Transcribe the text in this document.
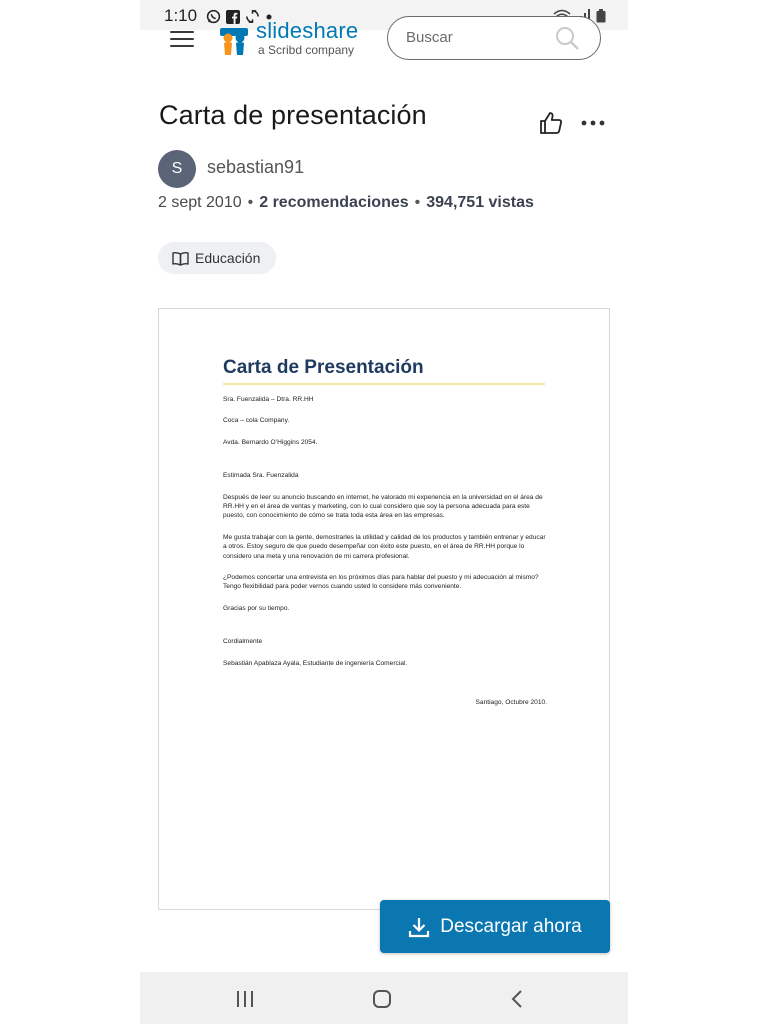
1:10
slideshare
a Scribd company
Buscar
Carta de presentación
S	sebastian91
2 sept 2010 • 2 recomendaciones • 394,751 vistas
Educación
Carta de Presentación

Sra. Fuenzalida – Dtra. RR.HH

Coca – cola Company.

Avda. Bernardo O’Higgins 2054.

Estimada Sra. Fuenzalida

Después de leer su anuncio buscando en internet, he valorado mi experiencia en la universidad en el área de RR.HH y en el área de ventas y marketing, con lo cual considero que soy la persona adecuada para este puesto, con conocimiento de cómo se trata toda esta área en las empresas.

Me gusta trabajar con la gente, demostrarles la utilidad y calidad de los productos y también entrenar y educar a otros. Estoy seguro de que puedo desempeñar con éxito este puesto, en el área de RR.HH porque lo considero una meta y una renovación de mi carrera profesional.

¿Podemos concertar una entrevista en los próximos días para hablar del puesto y mi adecuación al mismo? Tengo flexibilidad para poder vernos cuando usted lo considere más conveniente.

Gracias por su tiempo.

Cordialmente

Sebastián Apablaza Ayala, Estudiante de ingeniería Comercial.

Santiago, Octubre 2010.

Descargar ahora
